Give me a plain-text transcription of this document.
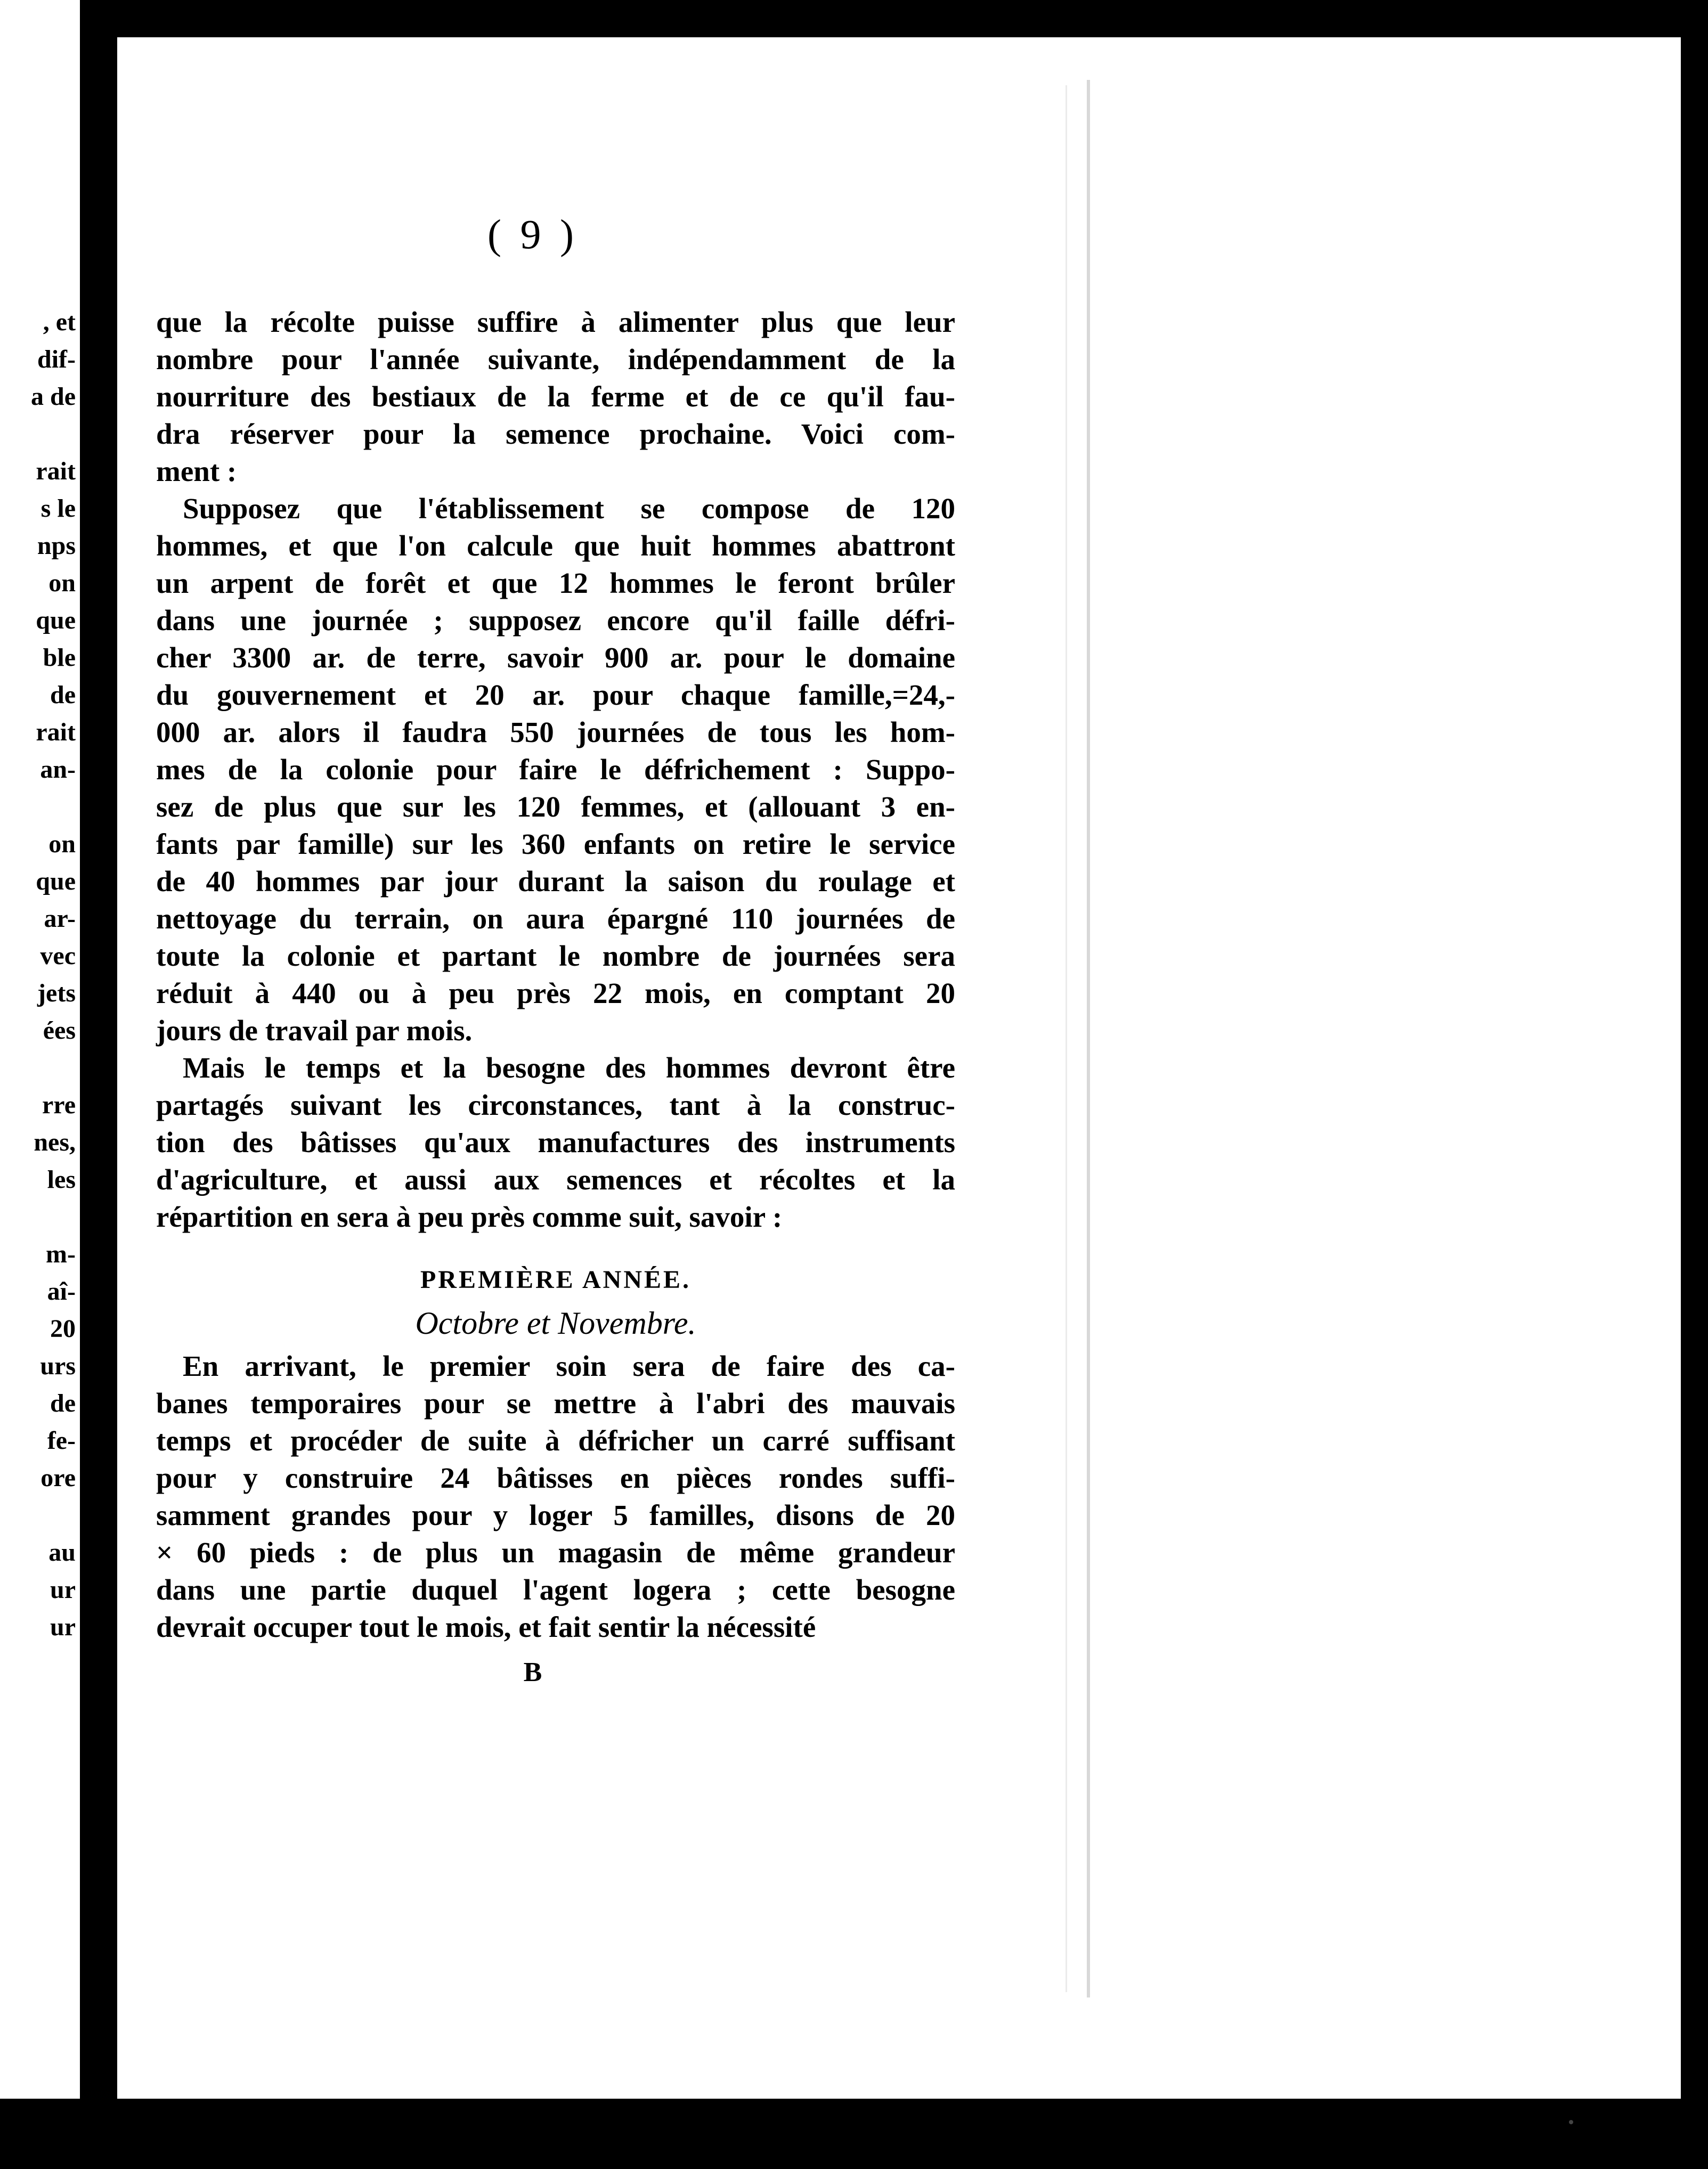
, et
dif-
a de
rait
s le
nps
on
que
ble
de
rait
an-
on
que
ar-
vec
jets
ées
rre
nes,
les
m-
aî-
20
urs
de
fe-
ore
au
ur
ur
( 9 )
que la récolte puisse suffire à alimenter plus que leur
nombre pour l'année suivante, indépendamment de la
nourriture des bestiaux de la ferme et de ce qu'il fau-
dra réserver pour la semence prochaine. Voici com-
ment :
Supposez que l'établissement se compose de 120
hommes, et que l'on calcule que huit hommes abattront
un arpent de forêt et que 12 hommes le feront brûler
dans une journée ; supposez encore qu'il faille défri-
cher 3300 ar. de terre, savoir 900 ar. pour le domaine
du gouvernement et 20 ar. pour chaque famille,=24,-
000 ar. alors il faudra 550 journées de tous les hom-
mes de la colonie pour faire le défrichement : Suppo-
sez de plus que sur les 120 femmes, et (allouant 3 en-
fants par famille) sur les 360 enfants on retire le service
de 40 hommes par jour durant la saison du roulage et
nettoyage du terrain, on aura épargné 110 journées de
toute la colonie et partant le nombre de journées sera
réduit à 440 ou à peu près 22 mois, en comptant 20
jours de travail par mois.
Mais le temps et la besogne des hommes devront être
partagés suivant les circonstances, tant à la construc-
tion des bâtisses qu'aux manufactures des instruments
d'agriculture, et aussi aux semences et récoltes et la
répartition en sera à peu près comme suit, savoir :
PREMIÈRE ANNÉE.
Octobre et Novembre.
En arrivant, le premier soin sera de faire des ca-
banes temporaires pour se mettre à l'abri des mauvais
temps et procéder de suite à défricher un carré suffisant
pour y construire 24 bâtisses en pièces rondes suffi-
samment grandes pour y loger 5 familles, disons de 20
× 60 pieds : de plus un magasin de même grandeur
dans une partie duquel l'agent logera ; cette besogne
devrait occuper tout le mois, et fait sentir la nécessité
B
